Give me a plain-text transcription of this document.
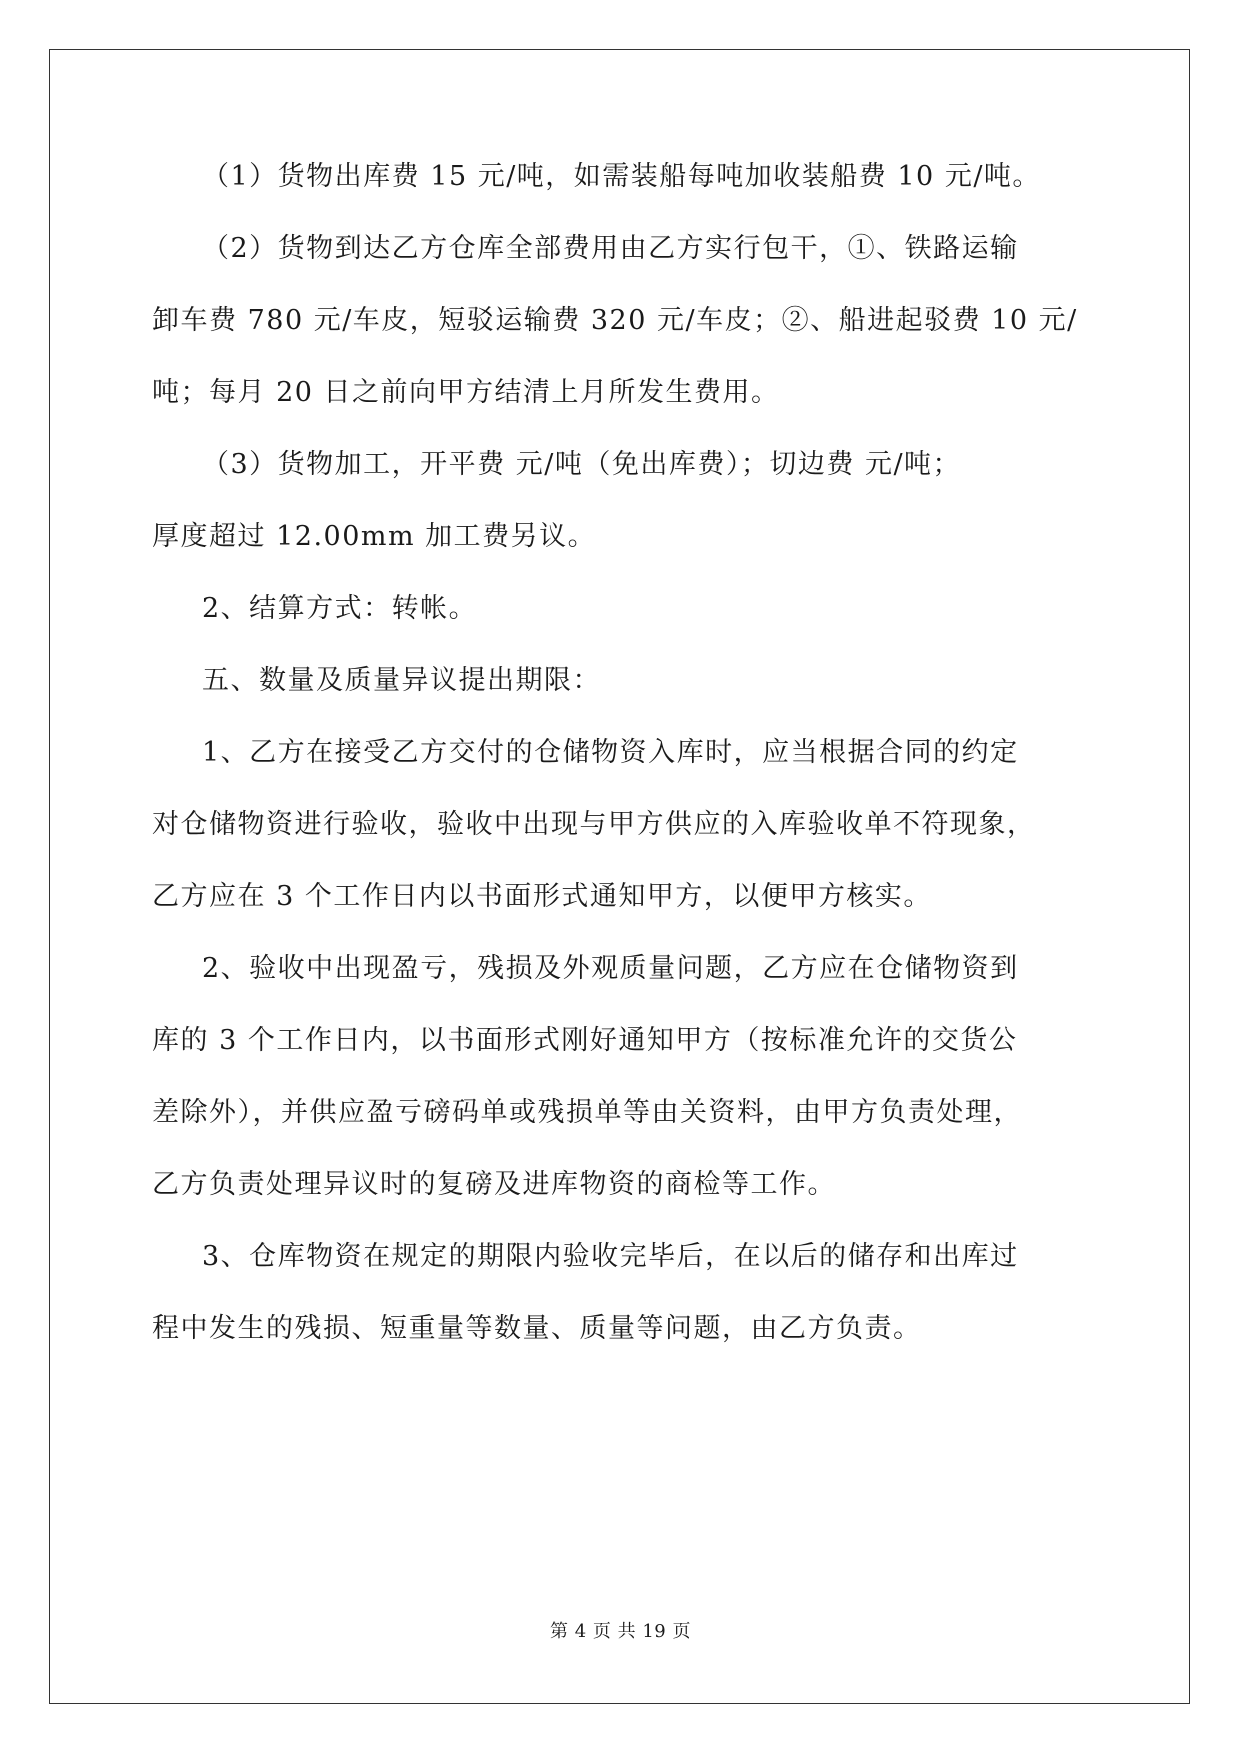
（1）货物出库费 15 元/吨，如需装船每吨加收装船费 10 元/吨。
（2）货物到达乙方仓库全部费用由乙方实行包干，①、铁路运输
卸车费 780 元/车皮，短驳运输费 320 元/车皮；②、船进起驳费 10 元/
吨；每月 20 日之前向甲方结清上月所发生费用。
（3）货物加工，开平费 元/吨（免出库费）；切边费 元/吨；
厚度超过 12.00mm 加工费另议。
2、结算方式：转帐。
五、数量及质量异议提出期限：
1、乙方在接受乙方交付的仓储物资入库时，应当根据合同的约定
对仓储物资进行验收，验收中出现与甲方供应的入库验收单不符现象，
乙方应在 3 个工作日内以书面形式通知甲方，以便甲方核实。
2、验收中出现盈亏，残损及外观质量问题，乙方应在仓储物资到
库的 3 个工作日内，以书面形式刚好通知甲方（按标准允许的交货公
差除外），并供应盈亏磅码单或残损单等由关资料，由甲方负责处理，
乙方负责处理异议时的复磅及进库物资的商检等工作。
3、仓库物资在规定的期限内验收完毕后，在以后的储存和出库过
程中发生的残损、短重量等数量、质量等问题，由乙方负责。
第 4 页 共 19 页
